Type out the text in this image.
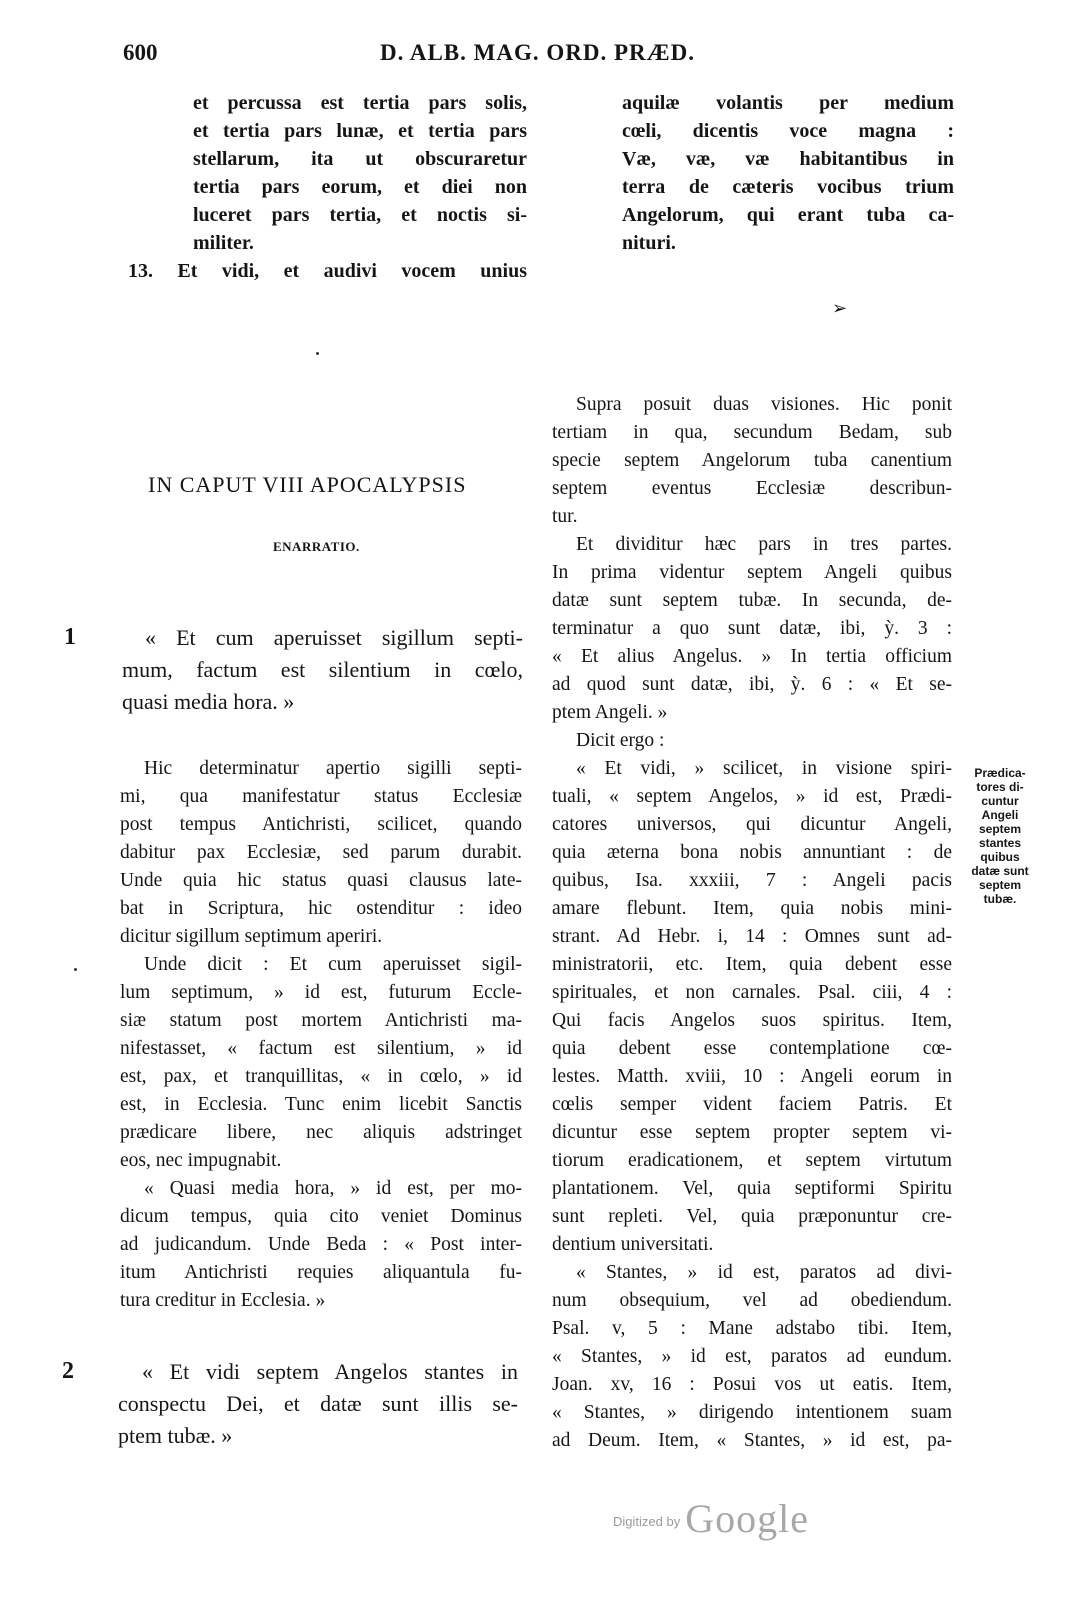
600	D. ALB. MAG. ORD. PRÆD.
et percussa est tertia pars solis,
et tertia pars lunæ, et tertia pars
stellarum, ita ut obscuraretur
tertia pars eorum, et diei non
luceret pars tertia, et noctis si-
militer.
13. Et vidi, et audivi vocem unius
aquilæ volantis per medium
cœli, dicentis voce magna :
Væ, væ, væ habitantibus in
terra de cæteris vocibus trium
Angelorum, qui erant tuba ca-
nituri.
➢
IN CAPUT VIII APOCALYPSIS
ENARRATIO.
1	« Et cum aperuisset sigillum septi-
mum, factum est silentium in cœlo,
quasi media hora. »
Hic determinatur apertio sigilli septi-
mi, qua manifestatur status Ecclesiæ
post tempus Antichristi, scilicet, quando
dabitur pax Ecclesiæ, sed parum durabit.
Unde quia hic status quasi clausus late-
bat in Scriptura, hic ostenditur : ideo
dicitur sigillum septimum aperiri.
Unde dicit : Et cum aperuisset sigil-
lum septimum, » id est, futurum Eccle-
siæ statum post mortem Antichristi ma-
nifestasset, « factum est silentium, » id
est, pax, et tranquillitas, « in cœlo, » id
est, in Ecclesia. Tunc enim licebit Sanctis
prædicare libere, nec aliquis adstringet
eos, nec impugnabit.
« Quasi media hora, » id est, per mo-
dicum tempus, quia cito veniet Dominus
ad judicandum. Unde Beda : « Post inter-
itum Antichristi requies aliquantula fu-
tura creditur in Ecclesia. »
2	« Et vidi septem Angelos stantes in
conspectu Dei, et datæ sunt illis se-
ptem tubæ. »
Supra posuit duas visiones. Hic ponit
tertiam in qua, secundum Bedam, sub
specie septem Angelorum tuba canentium
septem eventus Ecclesiæ describun-
tur.
Et dividitur hæc pars in tres partes.
In prima videntur septem Angeli quibus
datæ sunt septem tubæ. In secunda, de-
terminatur a quo sunt datæ, ibi, ỳ. 3 :
« Et alius Angelus. » In tertia officium
ad quod sunt datæ, ibi, ỳ. 6 : « Et se-
ptem Angeli. »
Dicit ergo :
« Et vidi, » scilicet, in visione spiri-
tuali, « septem Angelos, » id est, Prædi-
catores universos, qui dicuntur Angeli,
quia æterna bona nobis annuntiant : de
quibus, Isa. xxxiii, 7 : Angeli pacis
amare flebunt. Item, quia nobis mini-
strant. Ad Hebr. i, 14 : Omnes sunt ad-
ministratorii, etc. Item, quia debent esse
spirituales, et non carnales. Psal. ciii, 4 :
Qui facis Angelos suos spiritus. Item,
quia debent esse contemplatione cœ-
lestes. Matth. xviii, 10 : Angeli eorum in
cœlis semper vident faciem Patris. Et
dicuntur esse septem propter septem vi-
tiorum eradicationem, et septem virtutum
plantationem. Vel, quia septiformi Spiritu
sunt repleti. Vel, quia præponuntur cre-
dentium universitati.
« Stantes, » id est, paratos ad divi-
num obsequium, vel ad obediendum.
Psal. v, 5 : Mane adstabo tibi. Item,
« Stantes, » id est, paratos ad eundum.
Joan. xv, 16 : Posui vos ut eatis. Item,
« Stantes, » dirigendo intentionem suam
ad Deum. Item, « Stantes, » id est, pa-
Prædica-
tores di-
cuntur
Angeli
septem
stantes
quibus
datæ sunt
septem
tubæ.
$^{Digitized by}$ Google
